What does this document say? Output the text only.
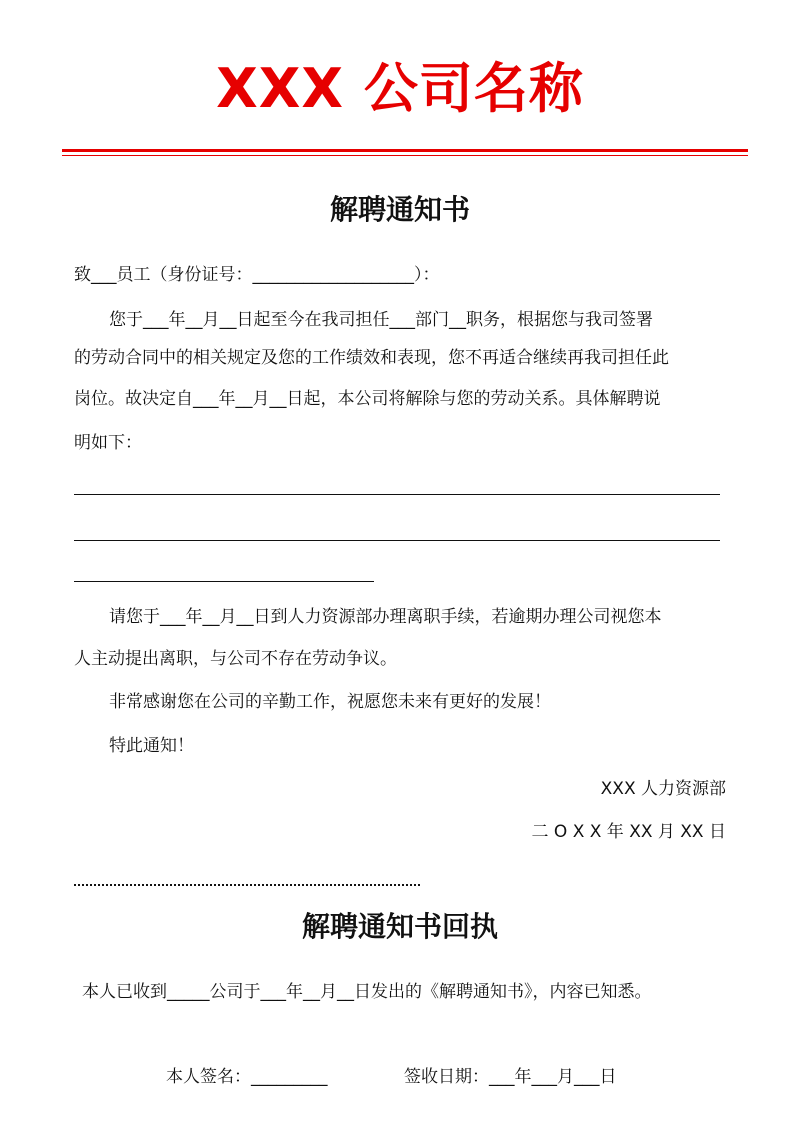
XXX 公司名称
解聘通知书
致___员工（身份证号：___________________）：
您于___年__月__日起至今在我司担任___部门__职务，根据您与我司签署
的劳动合同中的相关规定及您的工作绩效和表现，您不再适合继续再我司担任此
岗位。故决定自___年__月__日起，本公司将解除与您的劳动关系。具体解聘说
明如下：
请您于___年__月__日到人力资源部办理离职手续，若逾期办理公司视您本
人主动提出离职，与公司不存在劳动争议。
非常感谢您在公司的辛勤工作，祝愿您未来有更好的发展！
特此通知！
XXX 人力资源部
二 O X X 年 XX 月 XX 日
解聘通知书回执
本人已收到_____公司于___年__月__日发出的《解聘通知书》，内容已知悉。
本人签名：_________	签收日期：___年___月___日
